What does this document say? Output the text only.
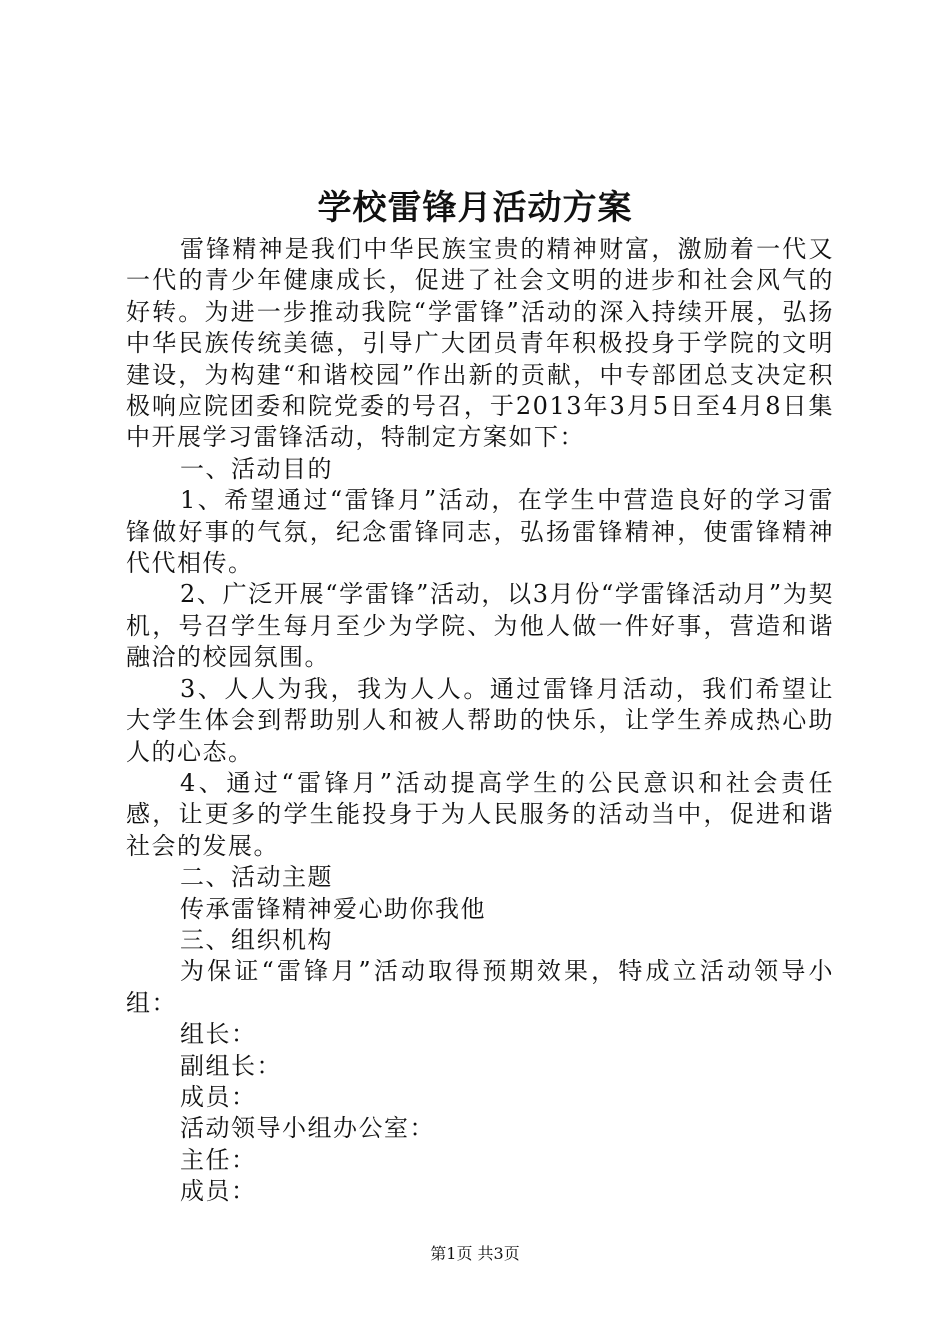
学校雷锋月活动方案

雷锋精神是我们中华民族宝贵的精神财富，激励着一代又一代的青少年健康成长，促进了社会文明的进步和社会风气的好转。为进一步推动我院“学雷锋”活动的深入持续开展，弘扬中华民族传统美德，引导广大团员青年积极投身于学院的文明建设，为构建“和谐校园”作出新的贡献，中专部团总支决定积极响应院团委和院党委的号召，于2013年3月5日至4月8日集中开展学习雷锋活动，特制定方案如下：

一、活动目的

1、希望通过“雷锋月”活动，在学生中营造良好的学习雷锋做好事的气氛，纪念雷锋同志，弘扬雷锋精神，使雷锋精神代代相传。

2、广泛开展“学雷锋”活动，以3月份“学雷锋活动月”为契机，号召学生每月至少为学院、为他人做一件好事，营造和谐融洽的校园氛围。

3、人人为我，我为人人。通过雷锋月活动，我们希望让大学生体会到帮助别人和被人帮助的快乐，让学生养成热心助人的心态。

4、通过“雷锋月”活动提高学生的公民意识和社会责任感，让更多的学生能投身于为人民服务的活动当中，促进和谐社会的发展。

二、活动主题

传承雷锋精神爱心助你我他

三、组织机构

为保证“雷锋月”活动取得预期效果，特成立活动领导小组：

组长：

副组长：

成员：

活动领导小组办公室：

主任：

成员：

第1页 共3页
